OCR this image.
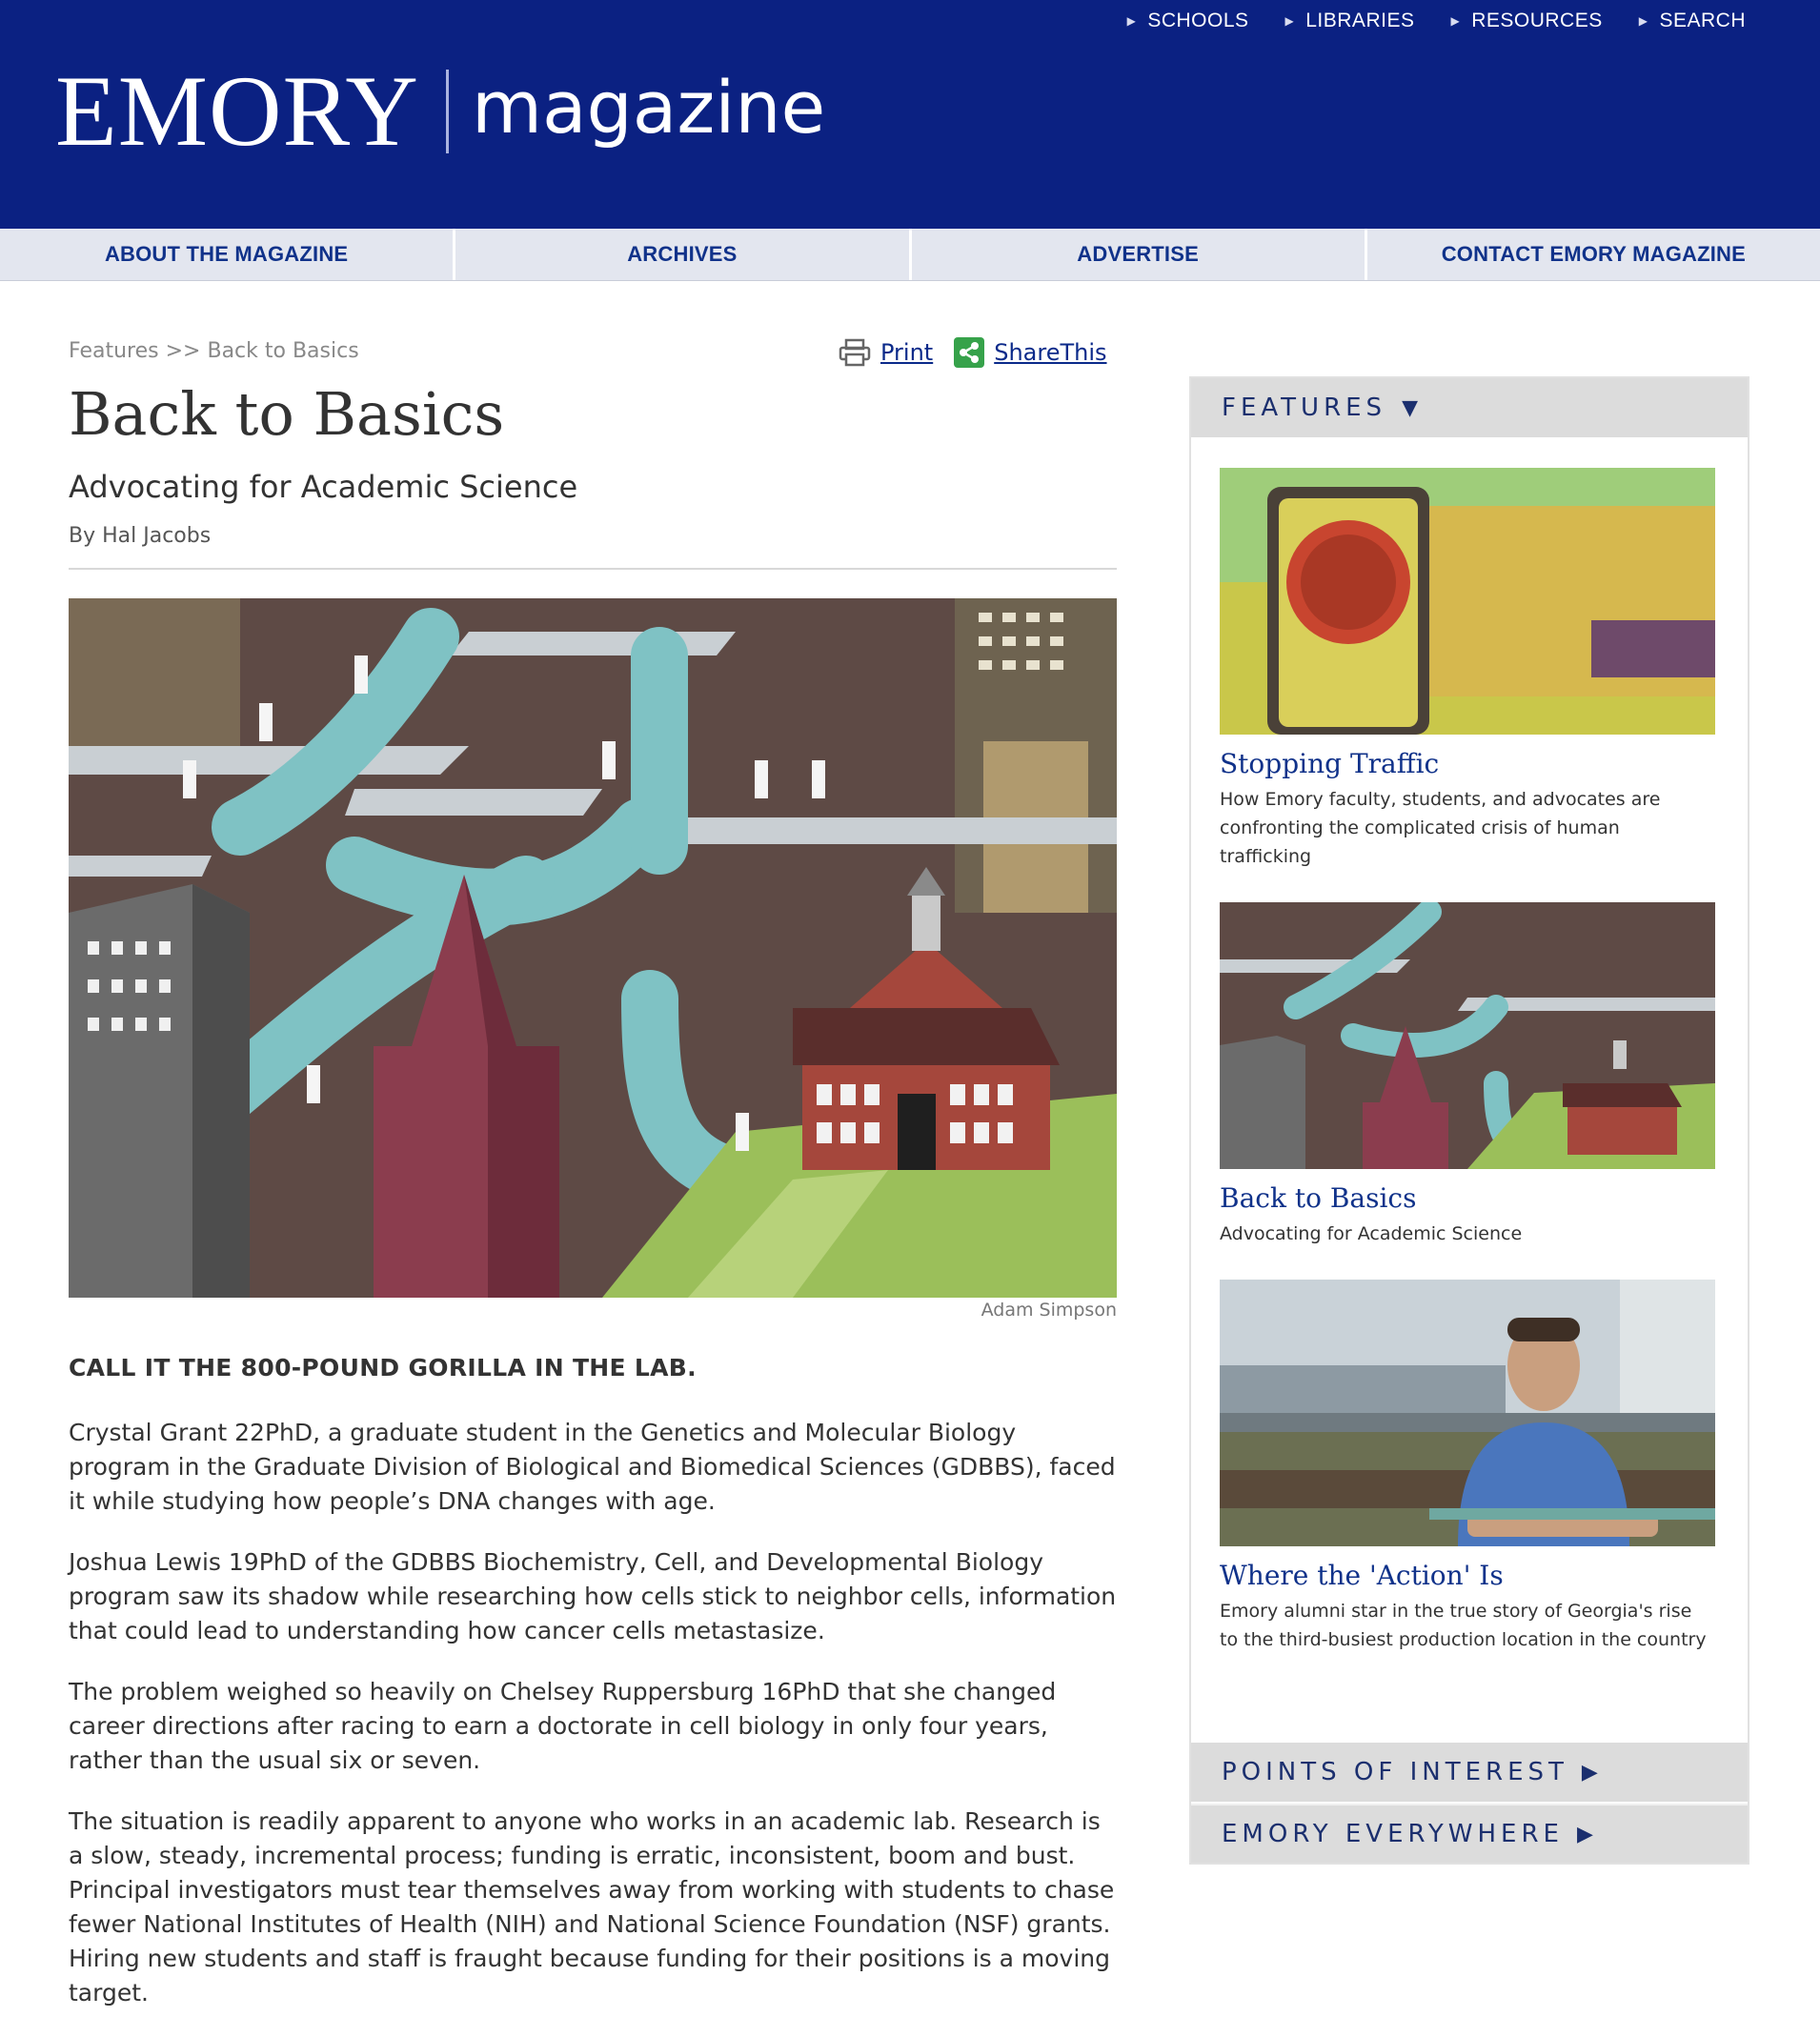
▶ SCHOOLS	▶ LIBRARIES	▶ RESOURCES	▶ SEARCH
EMORY magazine
ABOUT THE MAGAZINE	ARCHIVES	ADVERTISE	CONTACT EMORY MAGAZINE
Features >> Back to Basics	Print	ShareThis
Back to Basics
Advocating for Academic Science
By Hal Jacobs
Adam Simpson

CALL IT THE 800-POUND GORILLA IN THE LAB.

Crystal Grant 22PhD, a graduate student in the Genetics and Molecular Biology program in the Graduate Division of Biological and Biomedical Sciences (GDBBS), faced it while studying how people’s DNA changes with age.

Joshua Lewis 19PhD of the GDBBS Biochemistry, Cell, and Developmental Biology program saw its shadow while researching how cells stick to neighbor cells, information that could lead to understanding how cancer cells metastasize.

The problem weighed so heavily on Chelsey Ruppersburg 16PhD that she changed career directions after racing to earn a doctorate in cell biology in only four years, rather than the usual six or seven.

The situation is readily apparent to anyone who works in an academic lab. Research is a slow, steady, incremental process; funding is erratic, inconsistent, boom and bust. Principal investigators must tear themselves away from working with students to chase fewer National Institutes of Health (NIH) and National Science Foundation (NSF) grants. Hiring new students and staff is fraught because funding for their positions is a moving target.

FEATURES ▼
Stopping Traffic
How Emory faculty, students, and advocates are confronting the complicated crisis of human trafficking
Back to Basics
Advocating for Academic Science
Where the 'Action' Is
Emory alumni star in the true story of Georgia's rise to the third-busiest production location in the country
POINTS OF INTEREST ▶
EMORY EVERYWHERE ▶
